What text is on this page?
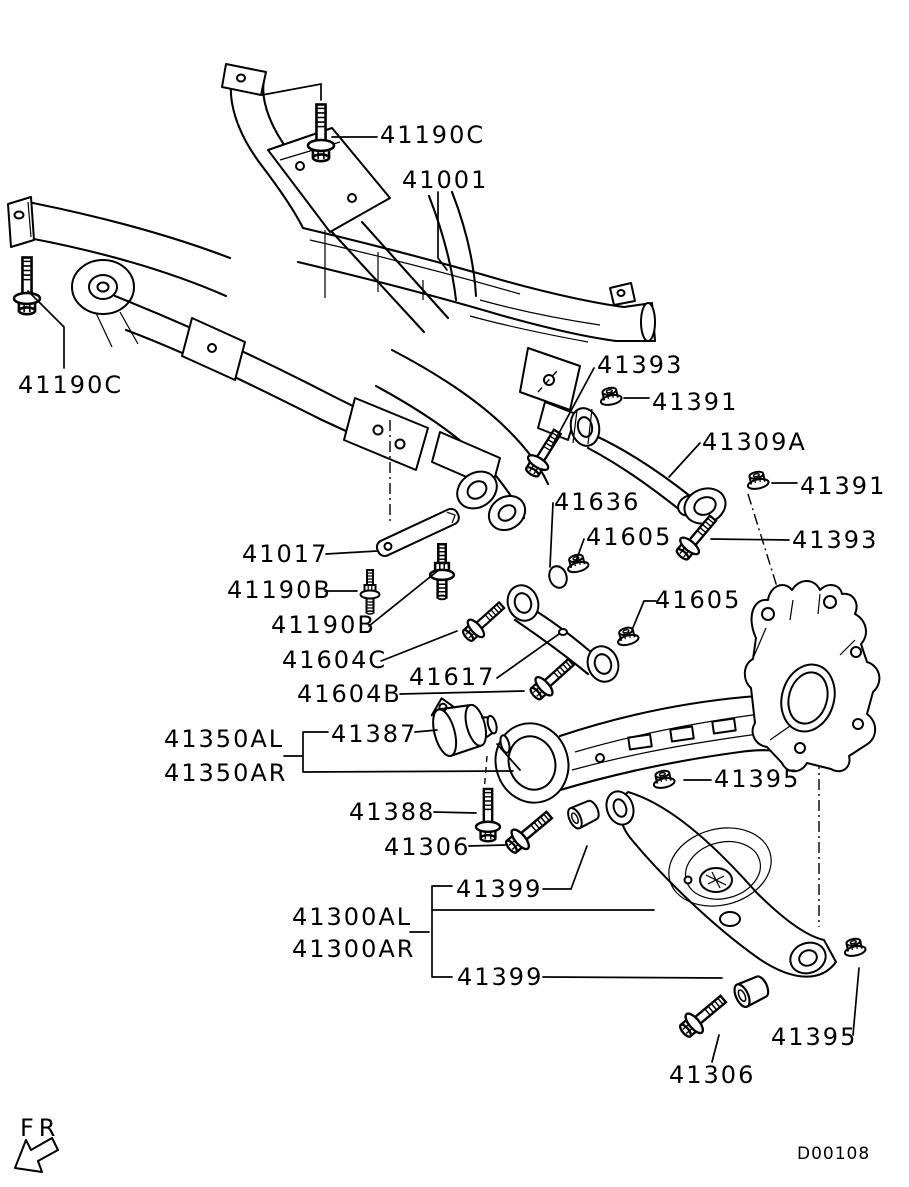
41190C
41001
41190C
41393
41391
41309A
41391
41393
41636
41605
41605
41017
41190B
41190B
41604C
41617
41604B
41350AL
41350AR
41387
41395
41388
41306
41399
41300AL
41300AR
41399
41395
41306
FR
D00108
